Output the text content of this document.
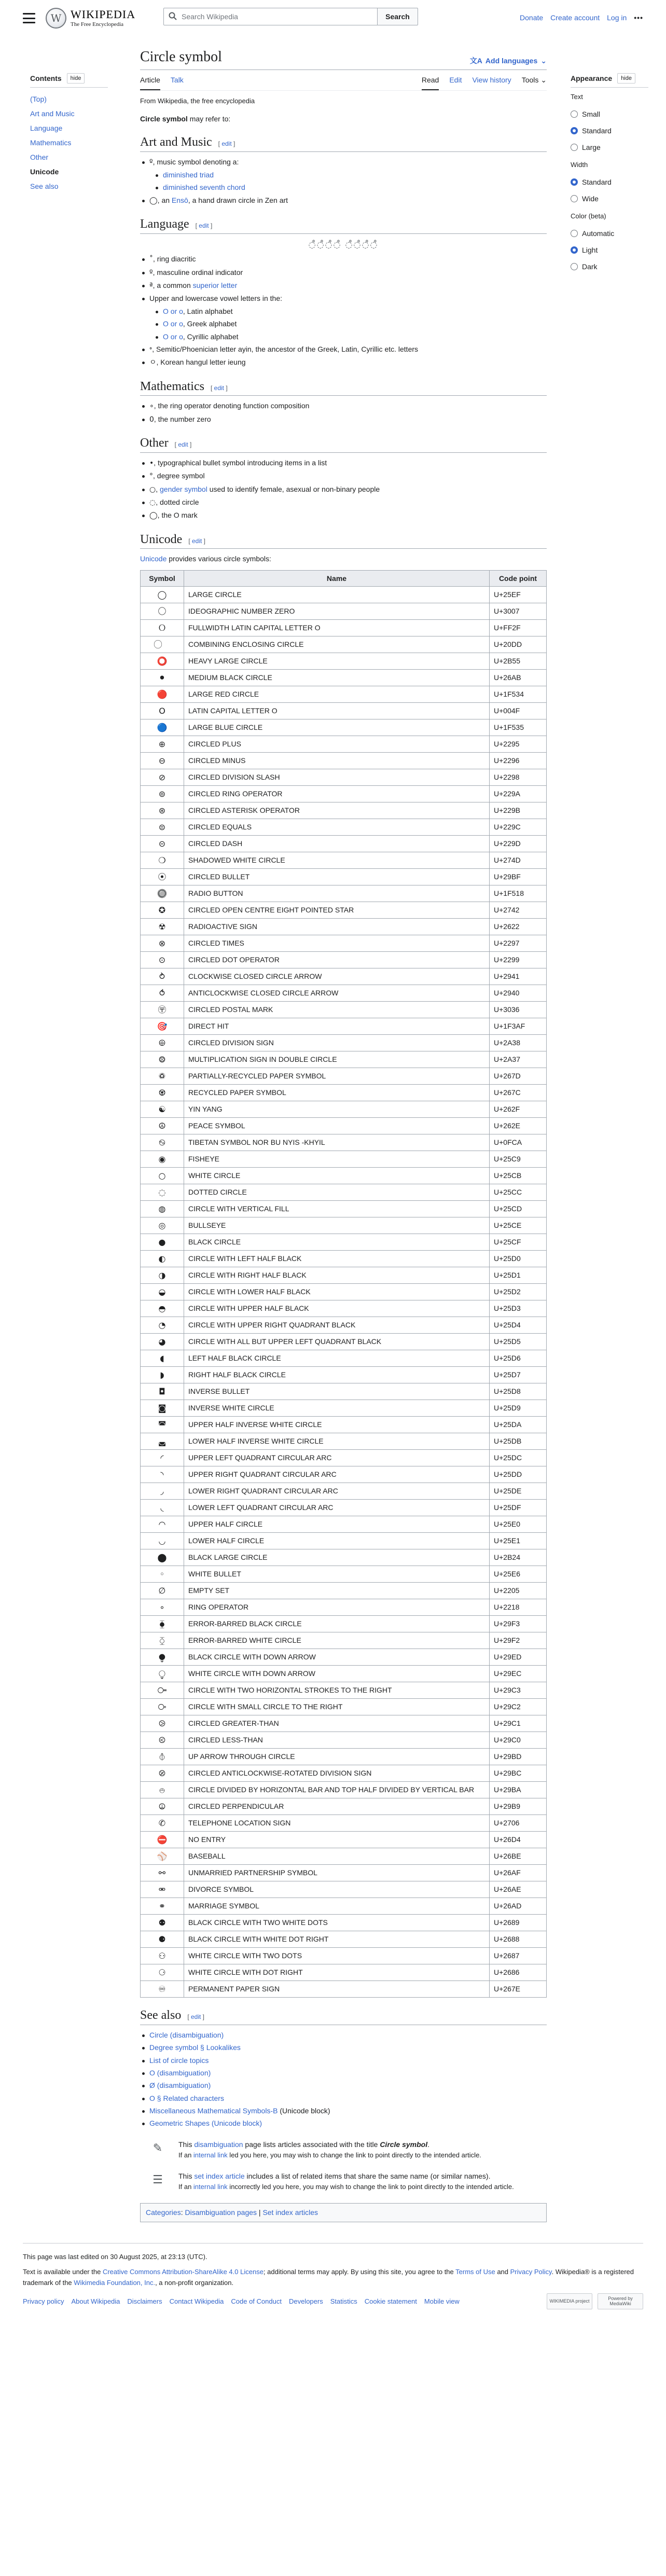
W WIKIPEDIA
The Free Encyclopedia
Search Wikipedia
Search	Donate Create account Log in •••
Contents	hide
(Top)
Art and Music
Language
Mathematics
Other
Unicode
See also
Appearance	hide
Text
Small
Standard
Large
Width
Standard
Wide
Color (beta)
Automatic
Light
Dark
Circle symbol	文A Add languages ⌄
Article Talk	Read Edit View history Tools ⌄
From Wikipedia, the free encyclopedia

Circle symbol may refer to:

Art and Music [ edit ]
º, music symbol denoting a:
diminished triad
diminished seventh chord
◯, an Ensō, a hand drawn circle in Zen art
Language [ edit ]
◌̊◌̊◌̊◌̊ ◌̊◌̊◌̊◌̊
˚, ring diacritic
º, masculine ordinal indicator
ª, a common superior letter
Upper and lowercase vowel letters in the:
O or o, Latin alphabet
Ο or ο, Greek alphabet
О or о, Cyrillic alphabet
𐤏, Semitic/Phoenician letter ayin, the ancestor of the Greek, Latin, Cyrillic etc. letters
ㅇ, Korean hangul letter ieung
Mathematics [ edit ]
∘, the ring operator denoting function composition
0, the number zero
Other [ edit ]
•, typographical bullet symbol introducing items in a list
°, degree symbol
○, gender symbol used to identify female, asexual or non-binary people
◌, dotted circle
◯, the O mark
Unicode [ edit ]

Unicode provides various circle symbols:

Symbol	Name	Code point
◯	LARGE CIRCLE	U+25EF
〇	IDEOGRAPHIC NUMBER ZERO	U+3007
Ｏ	FULLWIDTH LATIN CAPITAL LETTER O	U+FF2F
	COMBINING ENCLOSING CIRCLE	U+20DD
⭕	HEAVY LARGE CIRCLE	U+2B55
⚫	MEDIUM BLACK CIRCLE	U+26AB
🔴	LARGE RED CIRCLE	U+1F534
O	LATIN CAPITAL LETTER O	U+004F
🔵	LARGE BLUE CIRCLE	U+1F535
⊕	CIRCLED PLUS	U+2295
⊖	CIRCLED MINUS	U+2296
⊘	CIRCLED DIVISION SLASH	U+2298
⊚	CIRCLED RING OPERATOR	U+229A
⊛	CIRCLED ASTERISK OPERATOR	U+229B
⊜	CIRCLED EQUALS	U+229C
⊝	CIRCLED DASH	U+229D
❍	SHADOWED WHITE CIRCLE	U+274D
⦿	CIRCLED BULLET	U+29BF
🔘	RADIO BUTTON	U+1F518
✪	CIRCLED OPEN CENTRE EIGHT POINTED STAR	U+2742
☢	RADIOACTIVE SIGN	U+2622
⊗	CIRCLED TIMES	U+2297
⊙	CIRCLED DOT OPERATOR	U+2299
⥁	CLOCKWISE CLOSED CIRCLE ARROW	U+2941
⥀	ANTICLOCKWISE CLOSED CIRCLE ARROW	U+2940
〶	CIRCLED POSTAL MARK	U+3036
🎯	DIRECT HIT	U+1F3AF
⨸	CIRCLED DIVISION SIGN	U+2A38
⨷	MULTIPLICATION SIGN IN DOUBLE CIRCLE	U+2A37
♽	PARTIALLY-RECYCLED PAPER SYMBOL	U+267D
♼	RECYCLED PAPER SYMBOL	U+267C
☯	YIN YANG	U+262F
☮	PEACE SYMBOL	U+262E
࿊	TIBETAN SYMBOL NOR BU NYIS -KHYIL	U+0FCA
◉	FISHEYE	U+25C9
○	WHITE CIRCLE	U+25CB
◌	DOTTED CIRCLE	U+25CC
◍	CIRCLE WITH VERTICAL FILL	U+25CD
◎	BULLSEYE	U+25CE
●	BLACK CIRCLE	U+25CF
◐	CIRCLE WITH LEFT HALF BLACK	U+25D0
◑	CIRCLE WITH RIGHT HALF BLACK	U+25D1
◒	CIRCLE WITH LOWER HALF BLACK	U+25D2
◓	CIRCLE WITH UPPER HALF BLACK	U+25D3
◔	CIRCLE WITH UPPER RIGHT QUADRANT BLACK	U+25D4
◕	CIRCLE WITH ALL BUT UPPER LEFT QUADRANT BLACK	U+25D5
◖	LEFT HALF BLACK CIRCLE	U+25D6
◗	RIGHT HALF BLACK CIRCLE	U+25D7
◘	INVERSE BULLET	U+25D8
◙	INVERSE WHITE CIRCLE	U+25D9
◚	UPPER HALF INVERSE WHITE CIRCLE	U+25DA
◛	LOWER HALF INVERSE WHITE CIRCLE	U+25DB
◜	UPPER LEFT QUADRANT CIRCULAR ARC	U+25DC
◝	UPPER RIGHT QUADRANT CIRCULAR ARC	U+25DD
◞	LOWER RIGHT QUADRANT CIRCULAR ARC	U+25DE
◟	LOWER LEFT QUADRANT CIRCULAR ARC	U+25DF
◠	UPPER HALF CIRCLE	U+25E0
◡	LOWER HALF CIRCLE	U+25E1
⬤	BLACK LARGE CIRCLE	U+2B24
◦	WHITE BULLET	U+25E6
∅	EMPTY SET	U+2205
∘	RING OPERATOR	U+2218
⧳	ERROR-BARRED BLACK CIRCLE	U+29F3
⧲	ERROR-BARRED WHITE CIRCLE	U+29F2
⧭	BLACK CIRCLE WITH DOWN ARROW	U+29ED
⧬	WHITE CIRCLE WITH DOWN ARROW	U+29EC
⧃	CIRCLE WITH TWO HORIZONTAL STROKES TO THE RIGHT	U+29C3
⧂	CIRCLE WITH SMALL CIRCLE TO THE RIGHT	U+29C2
⧁	CIRCLED GREATER-THAN	U+29C1
⧀	CIRCLED LESS-THAN	U+29C0
⦽	UP ARROW THROUGH CIRCLE	U+29BD
⦼	CIRCLED ANTICLOCKWISE-ROTATED DIVISION SIGN	U+29BC
⦺	CIRCLE DIVIDED BY HORIZONTAL BAR AND TOP HALF DIVIDED BY VERTICAL BAR	U+29BA
⦹	CIRCLED PERPENDICULAR	U+29B9
✆	TELEPHONE LOCATION SIGN	U+2706
⛔	NO ENTRY	U+26D4
⚾	BASEBALL	U+26BE
⚯	UNMARRIED PARTNERSHIP SYMBOL	U+26AF
⚮	DIVORCE SYMBOL	U+26AE
⚭	MARRIAGE SYMBOL	U+26AD
⚉	BLACK CIRCLE WITH TWO WHITE DOTS	U+2689
⚈	BLACK CIRCLE WITH WHITE DOT RIGHT	U+2688
⚇	WHITE CIRCLE WITH TWO DOTS	U+2687
⚆	WHITE CIRCLE WITH DOT RIGHT	U+2686
♾	PERMANENT PAPER SIGN	U+267E
See also [ edit ]
Circle (disambiguation)
Degree symbol § Lookalikes
List of circle topics
O (disambiguation)
Ø (disambiguation)
O § Related characters
Miscellaneous Mathematical Symbols-B (Unicode block)
Geometric Shapes (Unicode block)
✎	This disambiguation page lists articles associated with the title Circle symbol.
If an internal link led you here, you may wish to change the link to point directly to the intended article.
☰	This set index article includes a list of related items that share the same name (or similar names).
If an internal link incorrectly led you here, you may wish to change the link to point directly to the intended article.
Categories: Disambiguation pages | Set index articles

This page was last edited on 30 August 2025, at 23:13 (UTC).

Text is available under the Creative Commons Attribution-ShareAlike 4.0 License; additional terms may apply. By using this site, you agree to the Terms of Use and Privacy Policy. Wikipedia® is a registered trademark of the Wikimedia Foundation, Inc., a non-profit organization.

Privacy policy About Wikipedia Disclaimers Contact Wikipedia Code of Conduct Developers Statistics Cookie statement Mobile view	WIKIMEDIA project	Powered by MediaWiki
